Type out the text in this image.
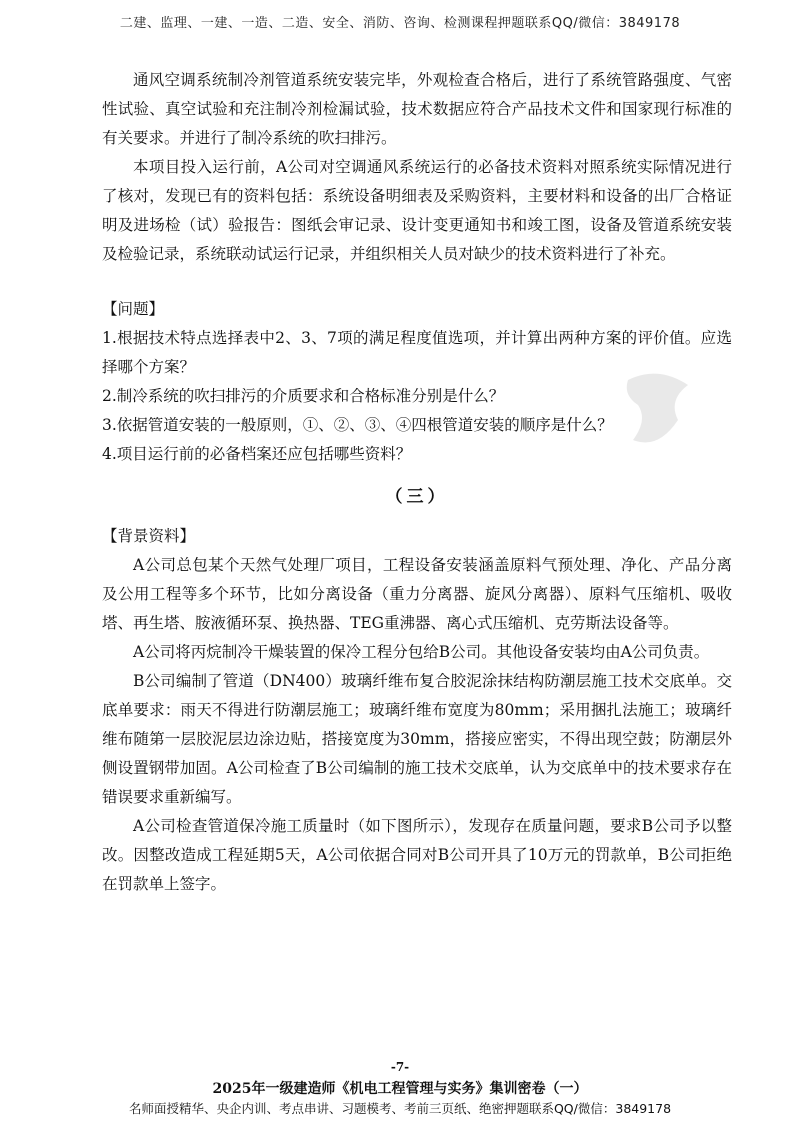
二建、监理、一建、一造、二造、安全、消防、咨询、检测课程押题联系QQ/微信：3849178

通风空调系统制冷剂管道系统安装完毕，外观检查合格后，进行了系统管路强度、气密性试验、真空试验和充注制冷剂检漏试验，技术数据应符合产品技术文件和国家现行标准的有关要求。并进行了制冷系统的吹扫排污。

本项目投入运行前，A公司对空调通风系统运行的必备技术资料对照系统实际情况进行了核对，发现已有的资料包括：系统设备明细表及采购资料，主要材料和设备的出厂合格证明及进场检（试）验报告：图纸会审记录、设计变更通知书和竣工图，设备及管道系统安装及检验记录，系统联动试运行记录，并组织相关人员对缺少的技术资料进行了补充。

【问题】

1.根据技术特点选择表中2、3、7项的满足程度值选项，并计算出两种方案的评价值。应选择哪个方案？

2.制冷系统的吹扫排污的介质要求和合格标准分别是什么？

3.依据管道安装的一般原则，①、②、③、④四根管道安装的顺序是什么？

4.项目运行前的必备档案还应包括哪些资料？

（三）

【背景资料】

A公司总包某个天然气处理厂项目，工程设备安装涵盖原料气预处理、净化、产品分离及公用工程等多个环节，比如分离设备（重力分离器、旋风分离器）、原料气压缩机、吸收塔、再生塔、胺液循环泵、换热器、TEG重沸器、离心式压缩机、克劳斯法设备等。

A公司将丙烷制冷干燥装置的保冷工程分包给B公司。其他设备安装均由A公司负责。

B公司编制了管道（DN400）玻璃纤维布复合胶泥涂抹结构防潮层施工技术交底单。交底单要求：雨天不得进行防潮层施工；玻璃纤维布宽度为80mm；采用捆扎法施工；玻璃纤维布随第一层胶泥层边涂边贴，搭接宽度为30mm，搭接应密实，不得出现空鼓；防潮层外侧设置钢带加固。A公司检查了B公司编制的施工技术交底单，认为交底单中的技术要求存在错误要求重新编写。

A公司检查管道保冷施工质量时（如下图所示），发现存在质量问题，要求B公司予以整改。因整改造成工程延期5天，A公司依据合同对B公司开具了10万元的罚款单，B公司拒绝在罚款单上签字。

-7-
2025年一级建造师《机电工程管理与实务》集训密卷（一）
名师面授精华、央企内训、考点串讲、习题模考、考前三页纸、绝密押题联系QQ/微信：3849178
